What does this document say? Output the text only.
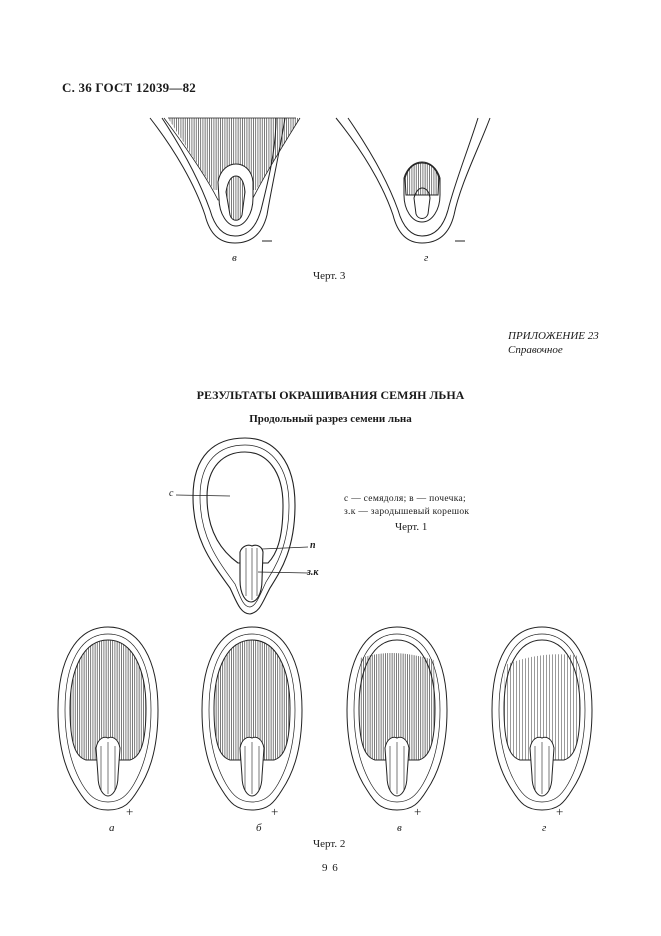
С. 36 ГОСТ 12039—82
в	г
Черт. 3
ПРИЛОЖЕНИЕ 23
Справочное
РЕЗУЛЬТАТЫ ОКРАШИВАНИЯ СЕМЯН ЛЬНА
Продольный разрез семени льна
c
п
з.к
с — семядоля; в — почечка;
з.к — зародышевый корешок
Черт. 1
+	+	+	+
а	б	в	г
Черт. 2
9 6
